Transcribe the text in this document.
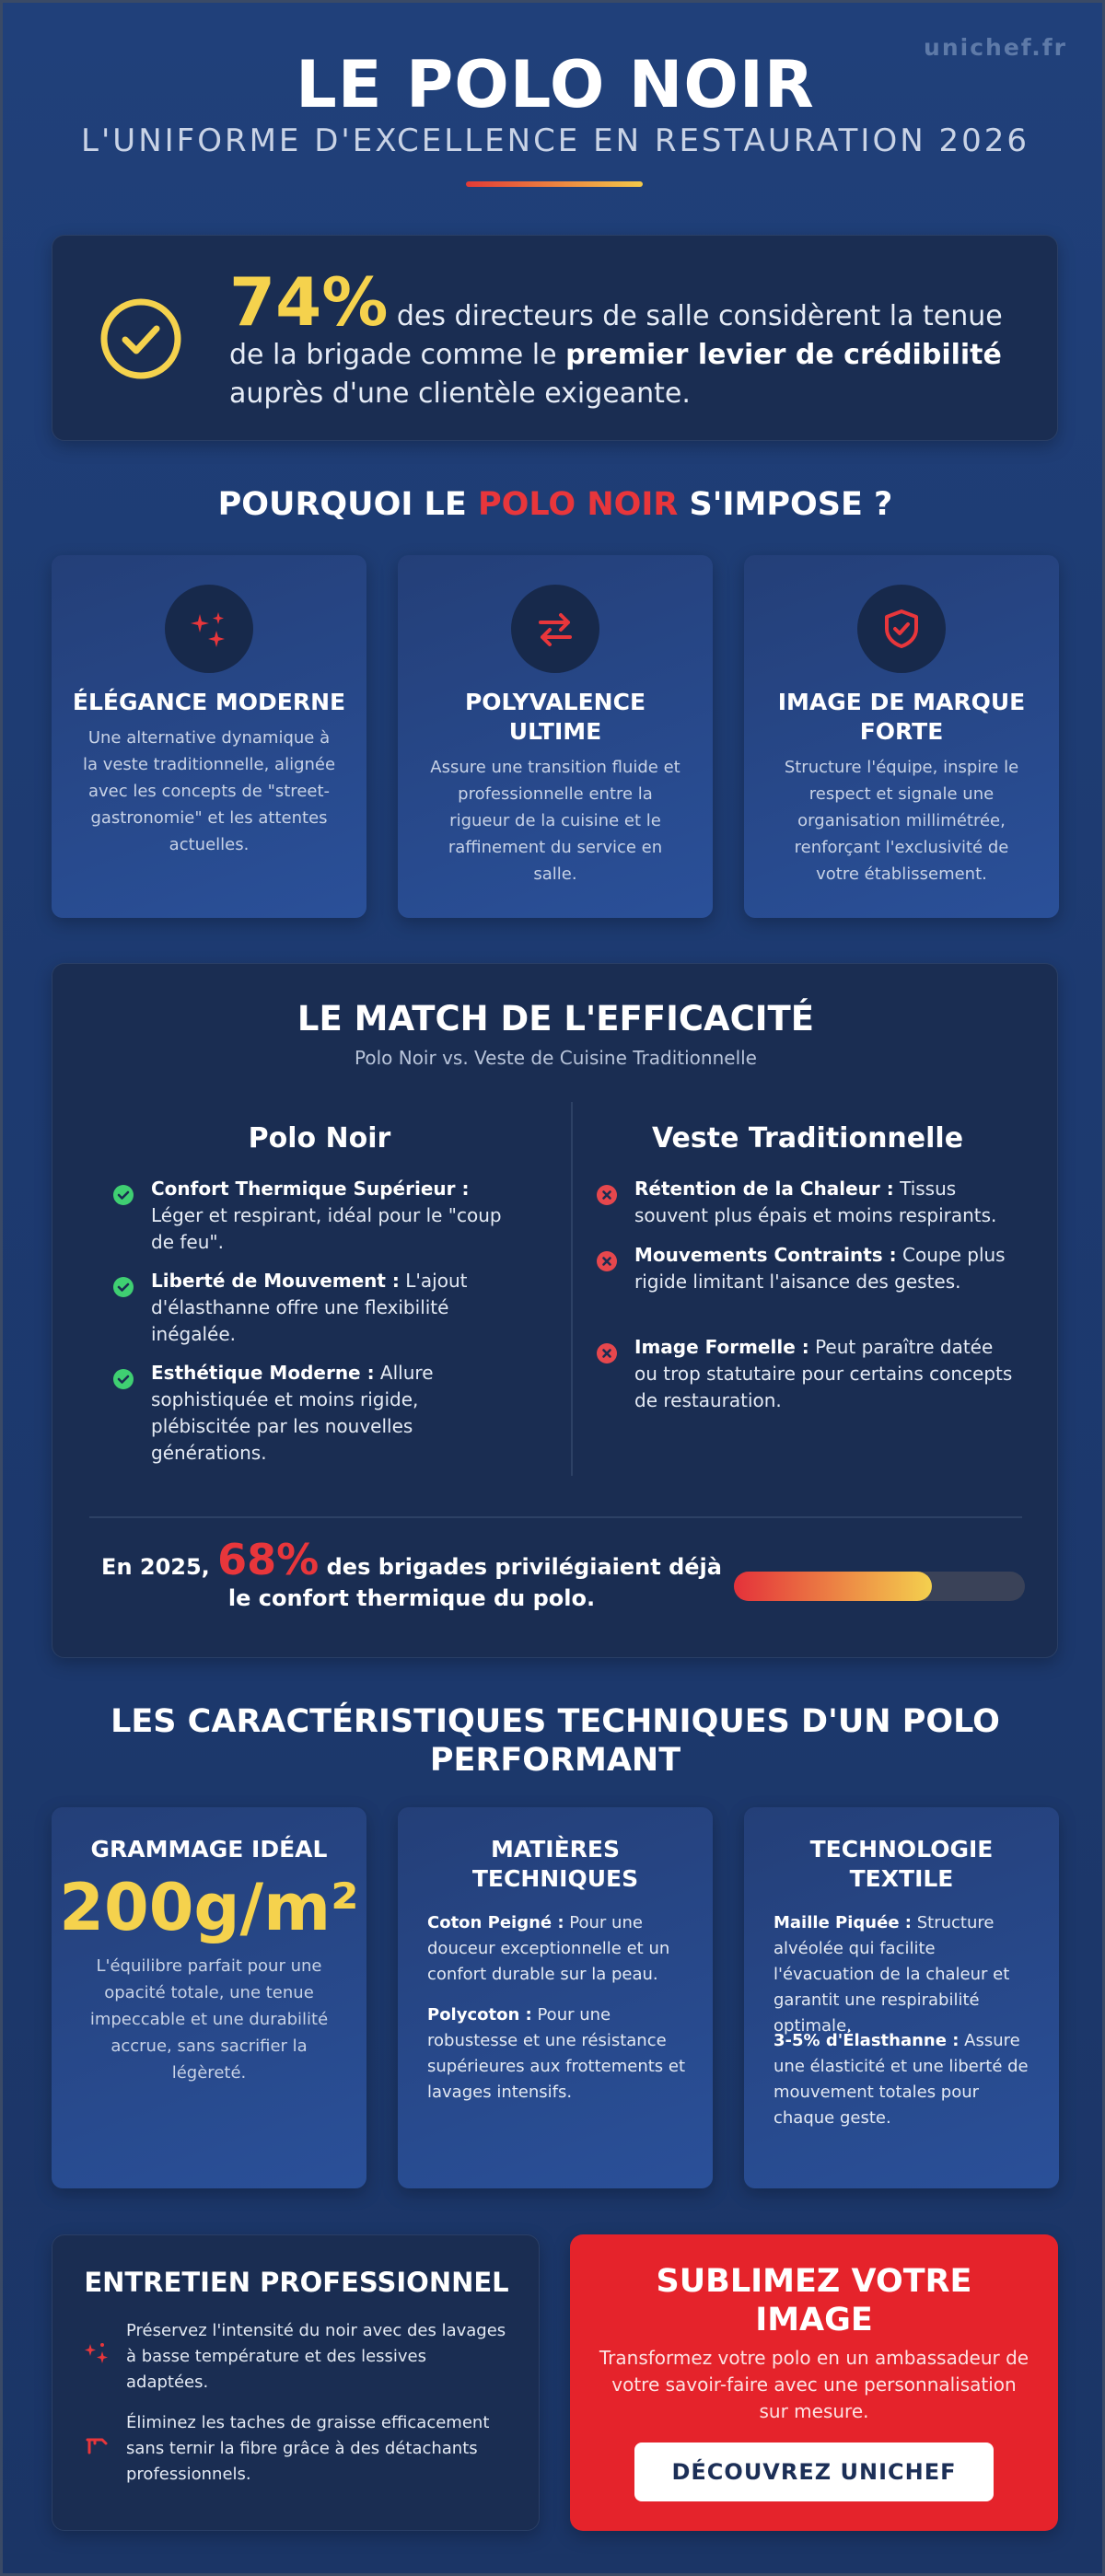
unichef.fr
LE POLO NOIR
L'UNIFORME D'EXCELLENCE EN RESTAURATION 2026
74% des directeurs de salle considèrent la tenue de la brigade comme le premier levier de crédibilité auprès d'une clientèle exigeante.
POURQUOI LE POLO NOIR S'IMPOSE ?
ÉLÉGANCE MODERNE
Une alternative dynamique à la veste traditionnelle, alignée avec les concepts de "street-gastronomie" et les attentes actuelles.
POLYVALENCE ULTIME
Assure une transition fluide et professionnelle entre la rigueur de la cuisine et le raffinement du service en salle.
IMAGE DE MARQUE FORTE
Structure l'équipe, inspire le respect et signale une organisation millimétrée, renforçant l'exclusivité de votre établissement.
LE MATCH DE L'EFFICACITÉ
Polo Noir vs. Veste de Cuisine Traditionnelle
Polo Noir	Veste Traditionnelle
Confort Thermique Supérieur : Léger et respirant, idéal pour le "coup de feu".
Liberté de Mouvement : L'ajout d'élasthanne offre une flexibilité inégalée.
Esthétique Moderne : Allure sophistiquée et moins rigide, plébiscitée par les nouvelles générations.
Rétention de la Chaleur : Tissus souvent plus épais et moins respirants.
Mouvements Contraints : Coupe plus rigide limitant l'aisance des gestes.
Image Formelle : Peut paraître datée ou trop statutaire pour certains concepts de restauration.
En 2025, 68% des brigades privilégiaient déjà le confort thermique du polo.
LES CARACTÉRISTIQUES TECHNIQUES D'UN POLO PERFORMANT
GRAMMAGE IDÉAL
200g/m²
L'équilibre parfait pour une opacité totale, une tenue impeccable et une durabilité accrue, sans sacrifier la légèreté.
MATIÈRES TECHNIQUES
Coton Peigné : Pour une douceur exceptionnelle et un confort durable sur la peau.
Polycoton : Pour une robustesse et une résistance supérieures aux frottements et lavages intensifs.
TECHNOLOGIE TEXTILE
Maille Piquée : Structure alvéolée qui facilite l'évacuation de la chaleur et garantit une respirabilité optimale.
3-5% d'Élasthanne : Assure une élasticité et une liberté de mouvement totales pour chaque geste.
ENTRETIEN PROFESSIONNEL
Préservez l'intensité du noir avec des lavages à basse température et des lessives adaptées.
Éliminez les taches de graisse efficacement sans ternir la fibre grâce à des détachants professionnels.
SUBLIMEZ VOTRE IMAGE
Transformez votre polo en un ambassadeur de votre savoir-faire avec une personnalisation sur mesure.
DÉCOUVREZ UNICHEF
